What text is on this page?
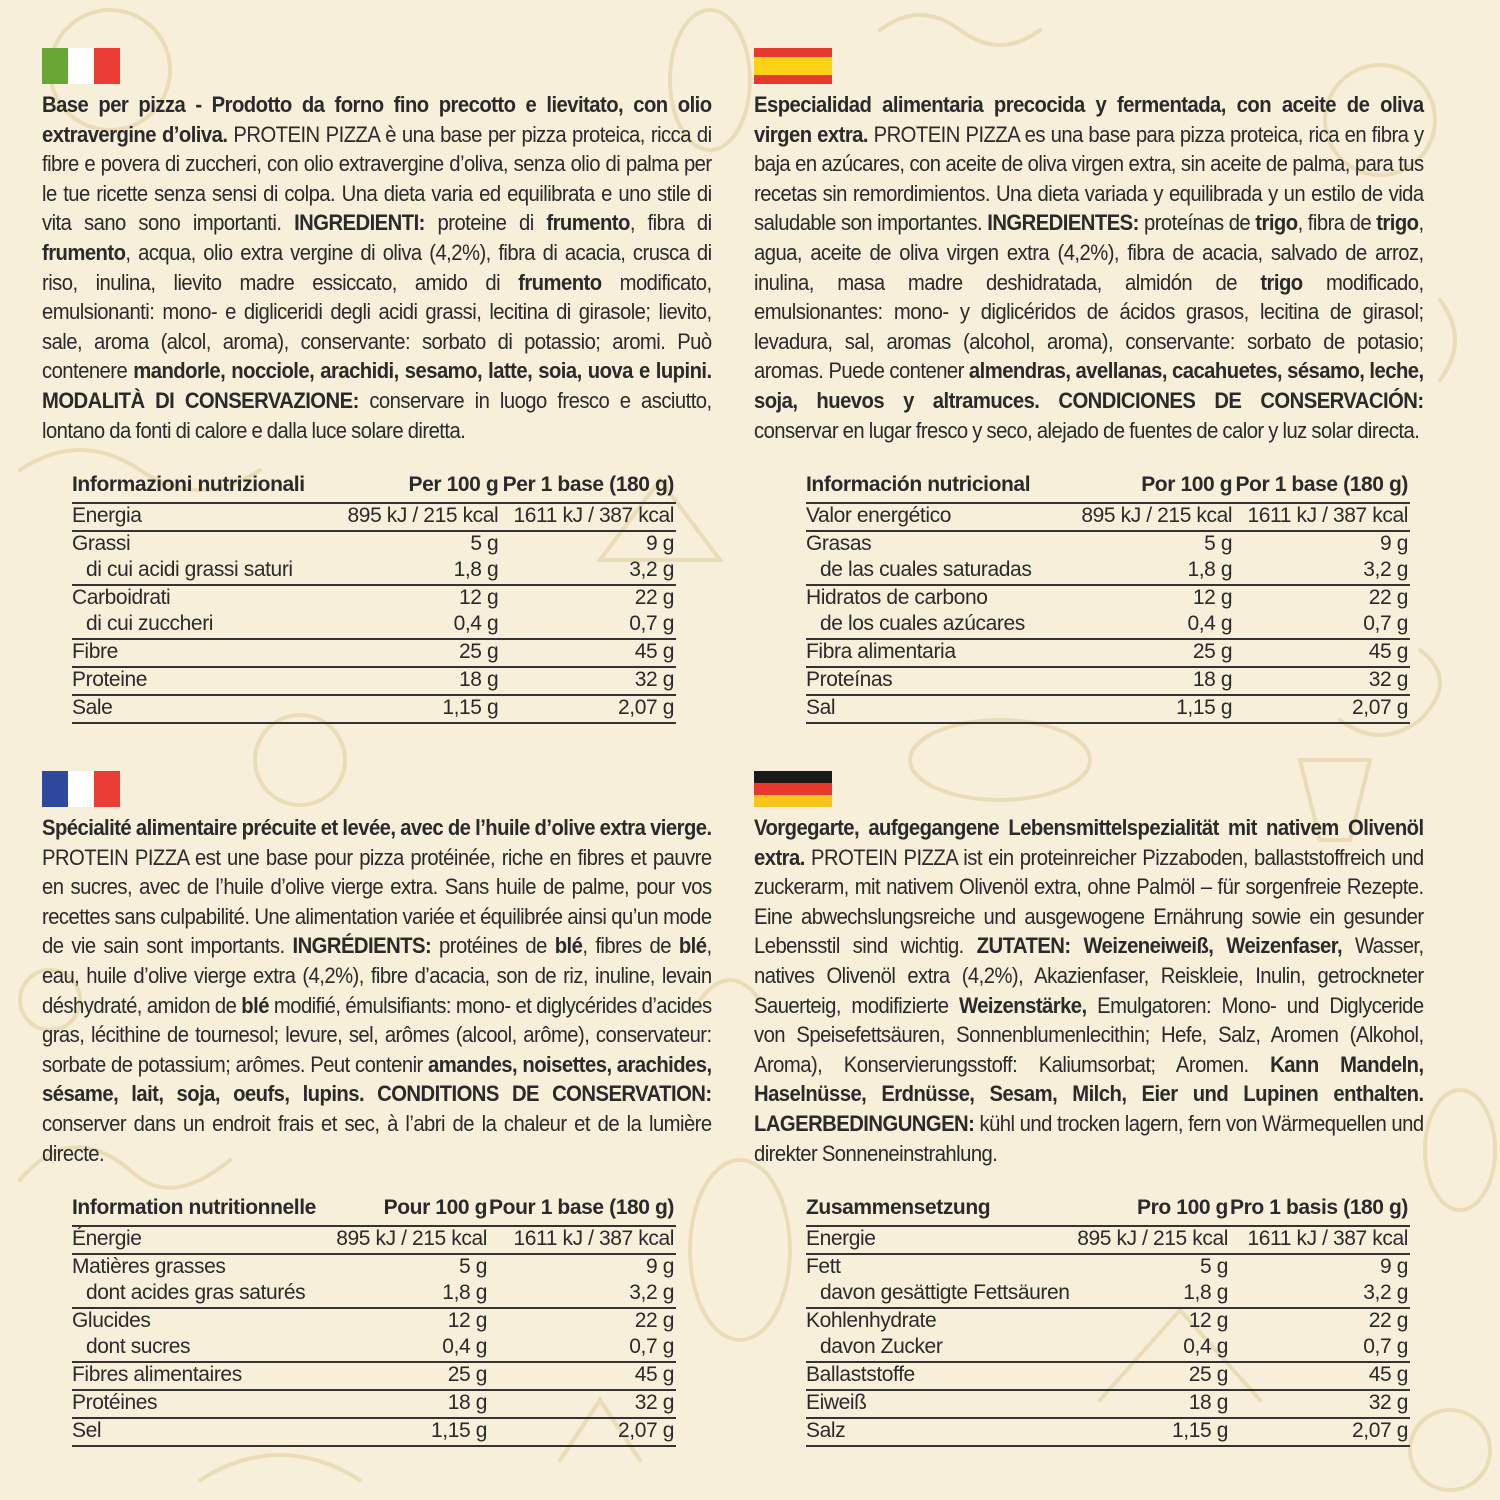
Base per pizza - Prodotto da forno fino precotto e lievitato, con olio extravergine d’oliva. PROTEIN PIZZA è una base per pizza proteica, ricca di fibre e povera di zuccheri, con olio extravergine d’oliva, senza olio di palma per le tue ricette senza sensi di colpa. Una dieta varia ed equilibrata e uno stile di vita sano sono importanti. INGREDIENTI: proteine di frumento, fibra di frumento, acqua, olio extra vergine di oliva (4,2%), fibra di acacia, crusca di riso, inulina, lievito madre essiccato, amido di frumento modificato, emulsionanti: mono- e digliceridi degli acidi grassi, lecitina di girasole; lievito, sale, aroma (alcol, aroma), conservante: sorbato di potassio; aromi. Può contenere mandorle, nocciole, arachidi, sesamo, latte, soia, uova e lupini. MODALITÀ DI CONSERVAZIONE: conservare in luogo fresco e asciutto, lontano da fonti di calore e dalla luce solare diretta.
Informazioni nutrizionali	Per 100 g	Per 1 base (180 g)
Energia	895 kJ / 215 kcal	1611 kJ / 387 kcal
Grassi	5 g	9 g
di cui acidi grassi saturi	1,8 g	3,2 g
Carboidrati	12 g	22 g
di cui zuccheri	0,4 g	0,7 g
Fibre	25 g	45 g
Proteine	18 g	32 g
Sale	1,15 g	2,07 g
Especialidad alimentaria precocida y fermentada, con aceite de oliva virgen extra. PROTEIN PIZZA es una base para pizza proteica, rica en fibra y baja en azúcares, con aceite de oliva virgen extra, sin aceite de palma, para tus recetas sin remordimientos. Una dieta variada y equilibrada y un estilo de vida saludable son importantes. INGREDIENTES: proteínas de trigo, fibra de trigo, agua, aceite de oliva virgen extra (4,2%), fibra de acacia, salvado de arroz, inulina, masa madre deshidratada, almidón de trigo modificado, emulsionantes: mono- y diglicéridos de ácidos grasos, lecitina de girasol; levadura, sal, aromas (alcohol, aroma), conservante: sorbato de potasio; aromas. Puede contener almendras, avellanas, cacahuetes, sésamo, leche, soja, huevos y altramuces. CONDICIONES DE CONSERVACIÓN: conservar en lugar fresco y seco, alejado de fuentes de calor y luz solar directa.
Información nutricional	Por 100 g	Por 1 base (180 g)
Valor energético	895 kJ / 215 kcal	1611 kJ / 387 kcal
Grasas	5 g	9 g
de las cuales saturadas	1,8 g	3,2 g
Hidratos de carbono	12 g	22 g
de los cuales azúcares	0,4 g	0,7 g
Fibra alimentaria	25 g	45 g
Proteínas	18 g	32 g
Sal	1,15 g	2,07 g
Spécialité alimentaire précuite et levée, avec de l’huile d’olive extra vierge. PROTEIN PIZZA est une base pour pizza protéinée, riche en fibres et pauvre en sucres, avec de l’huile d’olive vierge extra. Sans huile de palme, pour vos recettes sans culpabilité. Une alimentation variée et équilibrée ainsi qu’un mode de vie sain sont importants. INGRÉDIENTS: protéines de blé, fibres de blé, eau, huile d’olive vierge extra (4,2%), fibre d’acacia, son de riz, inuline, levain déshydraté, amidon de blé modifié, émulsifiants: mono- et diglycérides d’acides gras, lécithine de tournesol; levure, sel, arômes (alcool, arôme), conservateur: sorbate de potassium; arômes. Peut contenir amandes, noisettes, arachides, sésame, lait, soja, oeufs, lupins. CONDITIONS DE CONSERVATION: conserver dans un endroit frais et sec, à l’abri de la chaleur et de la lumière directe.
Information nutritionnelle	Pour 100 g	Pour 1 base (180 g)
Énergie	895 kJ / 215 kcal	1611 kJ / 387 kcal
Matières grasses	5 g	9 g
dont acides gras saturés	1,8 g	3,2 g
Glucides	12 g	22 g
dont sucres	0,4 g	0,7 g
Fibres alimentaires	25 g	45 g
Protéines	18 g	32 g
Sel	1,15 g	2,07 g
Vorgegarte, aufgegangene Lebensmittelspezialität mit nativem Olivenöl extra. PROTEIN PIZZA ist ein proteinreicher Pizzaboden, ballaststoffreich und zuckerarm, mit nativem Olivenöl extra, ohne Palmöl – für sorgenfreie Rezepte. Eine abwechslungsreiche und ausgewogene Ernährung sowie ein gesunder Lebensstil sind wichtig. ZUTATEN: Weizeneiweiß, Weizenfaser, Wasser, natives Olivenöl extra (4,2%), Akazienfaser, Reiskleie, Inulin, getrockneter Sauerteig, modifizierte Weizenstärke, Emulgatoren: Mono- und Diglyceride von Speisefettsäuren, Sonnenblumenlecithin; Hefe, Salz, Aromen (Alkohol, Aroma), Konservierungsstoff: Kaliumsorbat; Aromen. Kann Mandeln, Haselnüsse, Erdnüsse, Sesam, Milch, Eier und Lupinen enthalten. LAGERBEDINGUNGEN: kühl und trocken lagern, fern von Wärmequellen und direkter Sonneneinstrahlung.
Zusammensetzung	Pro 100 g	Pro 1 basis (180 g)
Energie	895 kJ / 215 kcal	1611 kJ / 387 kcal
Fett	5 g	9 g
davon gesättigte Fettsäuren	1,8 g	3,2 g
Kohlenhydrate	12 g	22 g
davon Zucker	0,4 g	0,7 g
Ballaststoffe	25 g	45 g
Eiweiß	18 g	32 g
Salz	1,15 g	2,07 g
